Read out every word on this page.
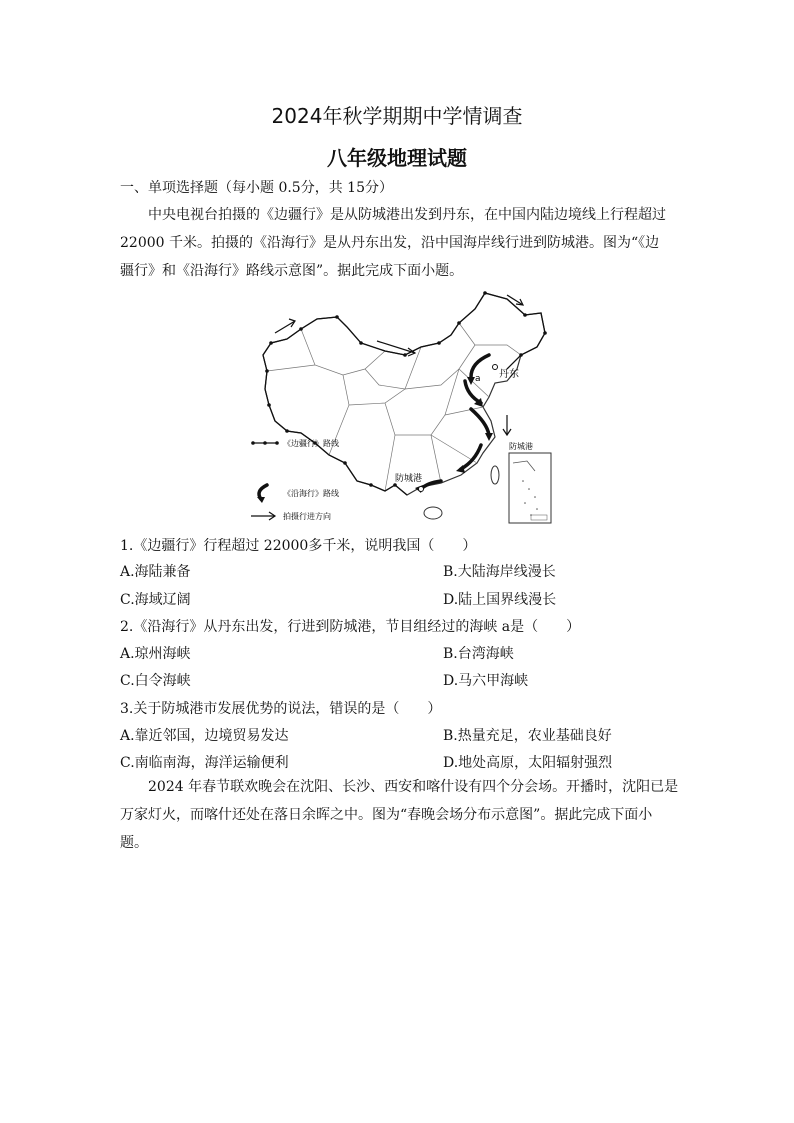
2024年秋学期期中学情调查
八年级地理试题
一、单项选择题（每小题 0.5分，共 15分）
中央电视台拍摄的《边疆行》是从防城港出发到丹东，在中国内陆边境线上行程超过
22000 千米。拍摄的《沿海行》是从丹东出发，沿中国海岸线行进到防城港。图为“《边
疆行》和《沿海行》路线示意图”。据此完成下面小题。
丹东
防城港
a
防城港
《边疆行》路线
《沿海行》路线
拍摄行进方向
1.《边疆行》行程超过 22000多千米，说明我国（　　）
A.海陆兼备	B.大陆海岸线漫长
C.海域辽阔	D.陆上国界线漫长
2.《沿海行》从丹东出发，行进到防城港，节目组经过的海峡 a是（　　）
A.琼州海峡	B.台湾海峡
C.白令海峡	D.马六甲海峡
3.关于防城港市发展优势的说法，错误的是（　　）
A.靠近邻国，边境贸易发达	B.热量充足，农业基础良好
C.南临南海，海洋运输便利	D.地处高原，太阳辐射强烈
2024 年春节联欢晚会在沈阳、长沙、西安和喀什设有四个分会场。开播时，沈阳已是
万家灯火，而喀什还处在落日余晖之中。图为“春晚会场分布示意图”。据此完成下面小
题。
